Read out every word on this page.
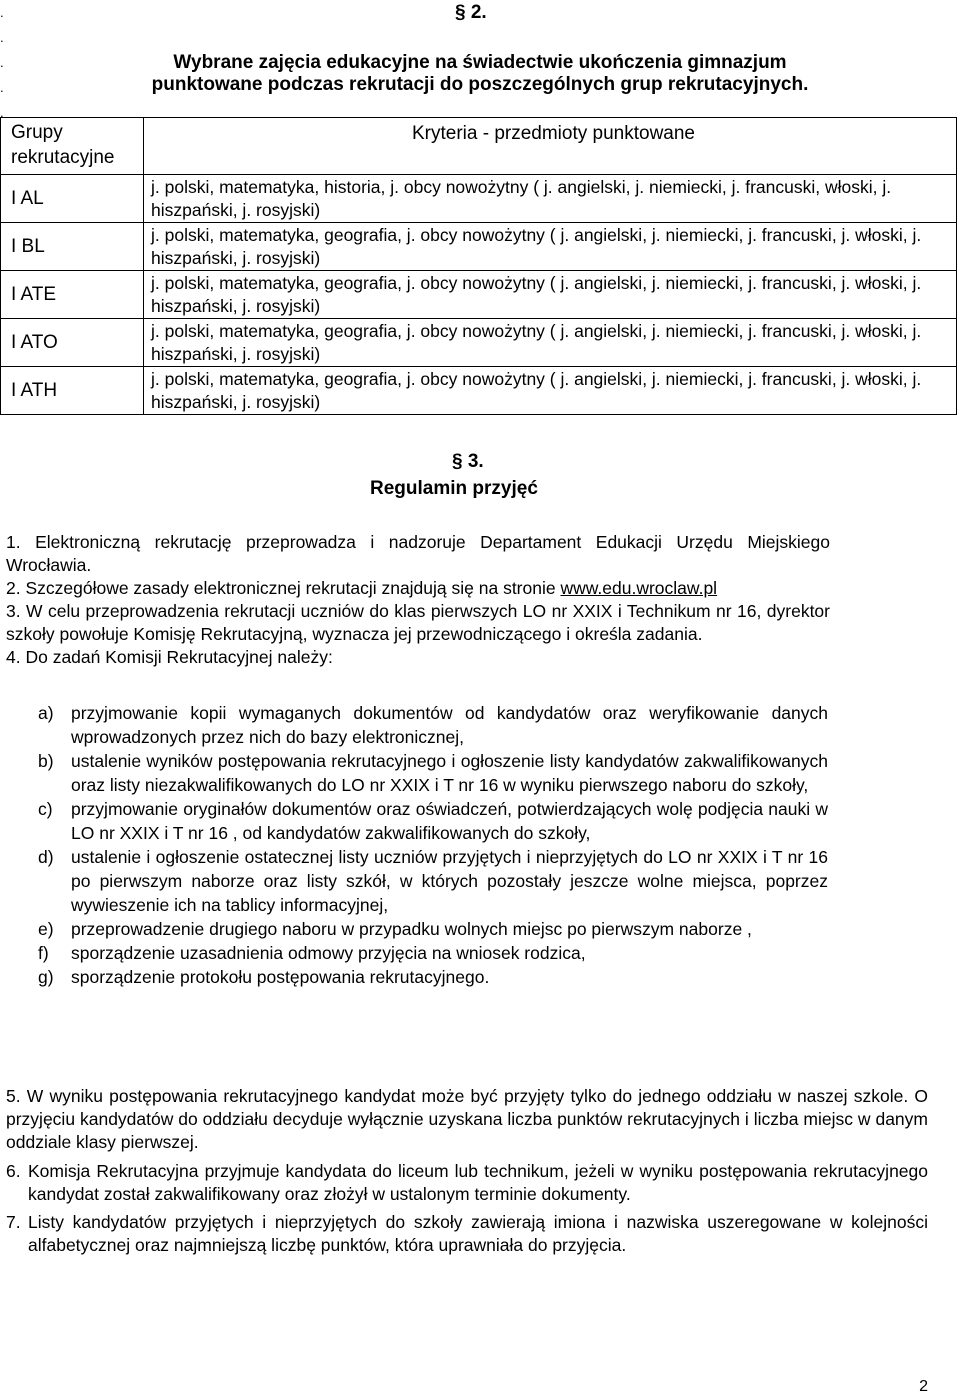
.
.
.
.
.
§ 2.
Wybrane zajęcia edukacyjne na świadectwie ukończenia gimnazjum
punktowane podczas rekrutacji do poszczególnych grup rekrutacyjnych.
Grupy rekrutacyjne	Kryteria - przedmioty punktowane
I AL	j. polski, matematyka, historia, j. obcy nowożytny ( j. angielski, j. niemiecki, j. francuski, włoski, j. hiszpański, j. rosyjski)
I BL	j. polski, matematyka, geografia, j. obcy nowożytny ( j. angielski, j. niemiecki, j. francuski, j. włoski, j. hiszpański, j. rosyjski)
I ATE	j. polski, matematyka, geografia, j. obcy nowożytny ( j. angielski, j. niemiecki, j. francuski, j. włoski, j. hiszpański, j. rosyjski)
I ATO	j. polski, matematyka, geografia, j. obcy nowożytny ( j. angielski, j. niemiecki, j. francuski, j. włoski, j. hiszpański, j. rosyjski)
I ATH	j. polski, matematyka, geografia, j. obcy nowożytny ( j. angielski, j. niemiecki, j. francuski, j. włoski, j. hiszpański, j. rosyjski)
§ 3.
Regulamin przyjęć

1. Elektroniczną rekrutację przeprowadza i nadzoruje Departament Edukacji Urzędu Miejskiego Wrocławia.

2. Szczegółowe zasady elektronicznej rekrutacji znajdują się na stronie www.edu.wroclaw.pl

3. W celu przeprowadzenia rekrutacji uczniów do klas pierwszych LO nr XXIX i Technikum nr 16, dyrektor szkoły powołuje Komisję Rekrutacyjną, wyznacza jej przewodniczącego i określa zadania.

4. Do zadań Komisji Rekrutacyjnej należy:

a) przyjmowanie kopii wymaganych dokumentów od kandydatów oraz weryfikowanie danych wprowadzonych przez nich do bazy elektronicznej,
b) ustalenie wyników postępowania rekrutacyjnego i ogłoszenie listy kandydatów zakwalifikowanych oraz listy niezakwalifikowanych do LO nr XXIX i T nr 16 w wyniku pierwszego naboru do szkoły,
c)	przyjmowanie oryginałów dokumentów oraz oświadczeń, potwierdzających wolę podjęcia nauki w LO nr XXIX i T nr 16 , od kandydatów zakwalifikowanych do szkoły,
d) ustalenie i ogłoszenie ostatecznej listy uczniów przyjętych i nieprzyjętych do LO nr XXIX i T nr 16 po pierwszym naborze oraz listy szkół, w których pozostały jeszcze wolne miejsca, poprzez wywieszenie ich na tablicy informacyjnej,
e) przeprowadzenie drugiego naboru w przypadku wolnych miejsc po pierwszym naborze ,
f)	sporządzenie uzasadnienia odmowy przyjęcia na wniosek rodzica,
g) sporządzenie protokołu postępowania rekrutacyjnego.

5. W wyniku postępowania rekrutacyjnego kandydat może być przyjęty tylko do jednego oddziału w naszej szkole. O przyjęciu kandydatów do oddziału decyduje wyłącznie uzyskana liczba punktów rekrutacyjnych i liczba miejsc w danym oddziale klasy pierwszej.

6. Komisja Rekrutacyjna przyjmuje kandydata do liceum lub technikum, jeżeli w wyniku postępowania rekrutacyjnego kandydat został zakwalifikowany oraz złożył w ustalonym terminie dokumenty.
7. Listy kandydatów przyjętych i nieprzyjętych do szkoły zawierają imiona i nazwiska uszeregowane w kolejności alfabetycznej oraz najmniejszą liczbę punktów, która uprawniała do przyjęcia.
2
